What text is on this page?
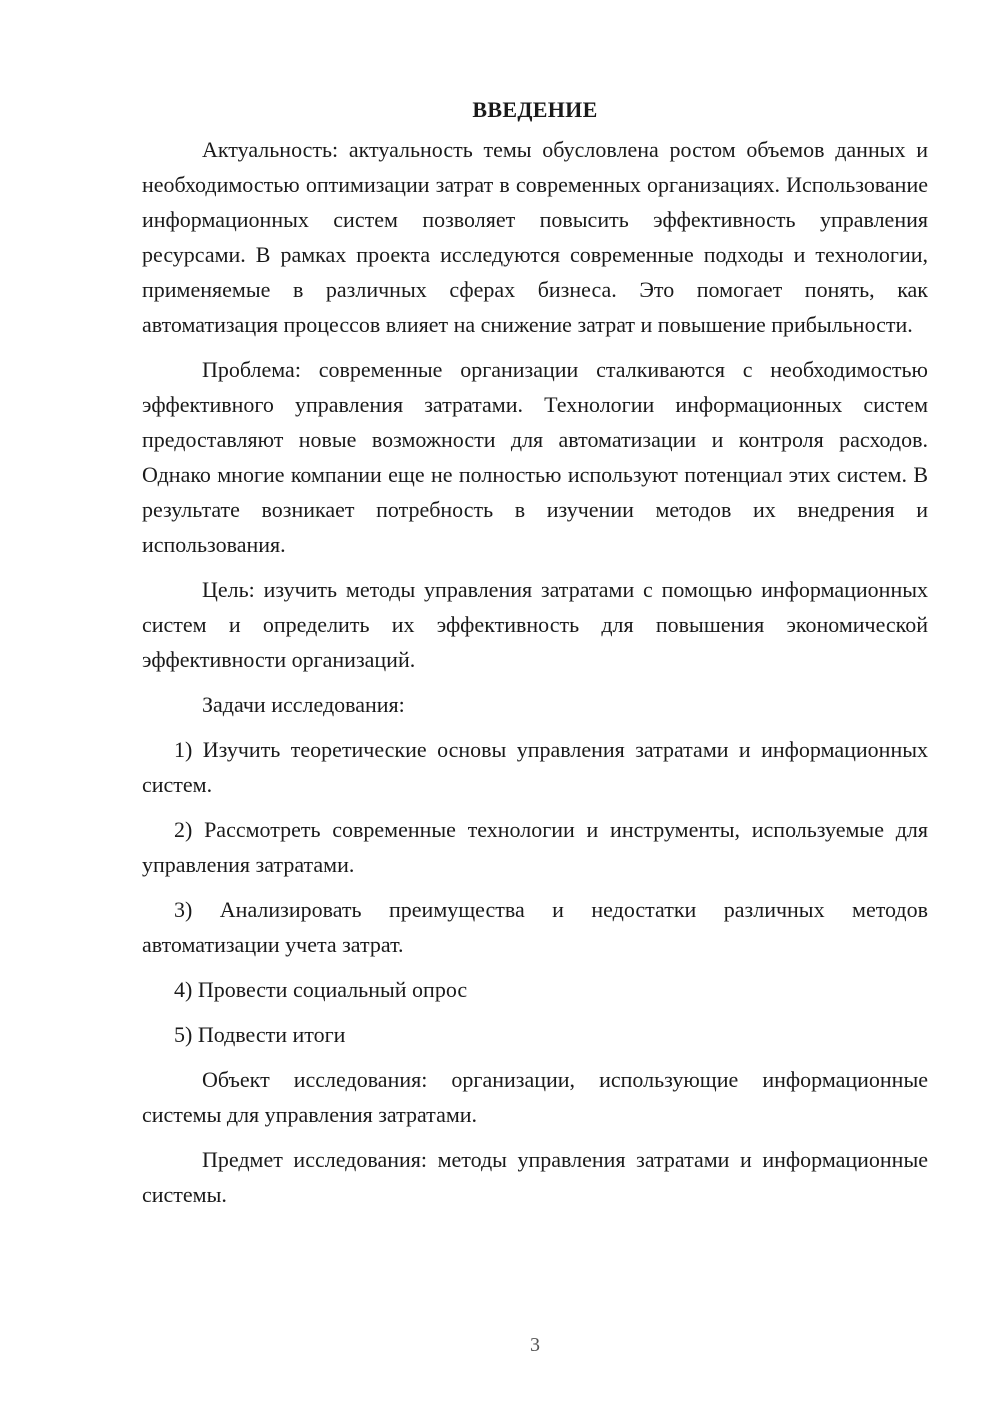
ВВЕДЕНИЕ

Актуальность: актуальность темы обусловлена ростом объемов данных и необходимостью оптимизации затрат в современных организациях. Использование информационных систем позволяет повысить эффективность управления ресурсами. В рамках проекта исследуются современные подходы и технологии, применяемые в различных сферах бизнеса. Это помогает понять, как автоматизация процессов влияет на снижение затрат и повышение прибыльности.

Проблема: современные организации сталкиваются с необходимостью эффективного управления затратами. Технологии информационных систем предоставляют новые возможности для автоматизации и контроля расходов. Однако многие компании еще не полностью используют потенциал этих систем. В результате возникает потребность в изучении методов их внедрения и использования.

Цель: изучить методы управления затратами с помощью информационных систем и определить их эффективность для повышения экономической эффективности организаций.

Задачи исследования:

1) Изучить теоретические основы управления затратами и информационных систем.

2) Рассмотреть современные технологии и инструменты, используемые для управления затратами.

3) Анализировать преимущества и недостатки различных методов автоматизации учета затрат.

4) Провести социальный опрос

5) Подвести итоги

Объект исследования: организации, использующие информационные системы для управления затратами.

Предмет исследования: методы управления затратами и информационные системы.

3
